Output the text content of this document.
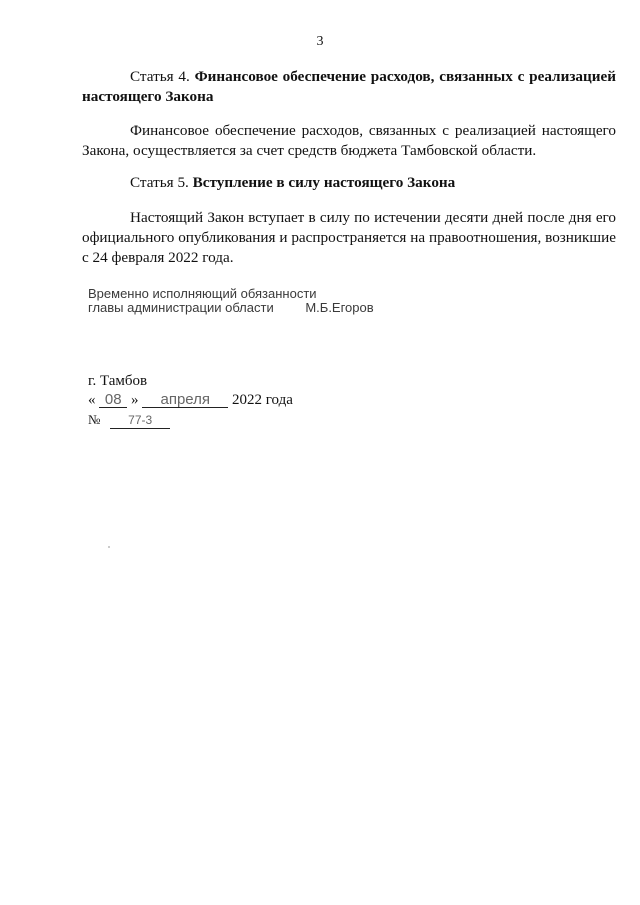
3
Статья 4. Финансовое обеспечение расходов, связанных с реализацией настоящего Закона
Финансовое обеспечение расходов, связанных с реализацией настоящего Закона, осуществляется за счет средств бюджета Тамбовской области.
Статья 5. Вступление в силу настоящего Закона
Настоящий Закон вступает в силу по истечении десяти дней после дня его официального опубликования и распространяется на правоотношения, возникшие с 24 февраля 2022 года.
Временно исполняющий обязанности
главы администрации области М.Б.Егоров
г. Тамбов
« 08 » апреля 2022 года
№ 77-3
